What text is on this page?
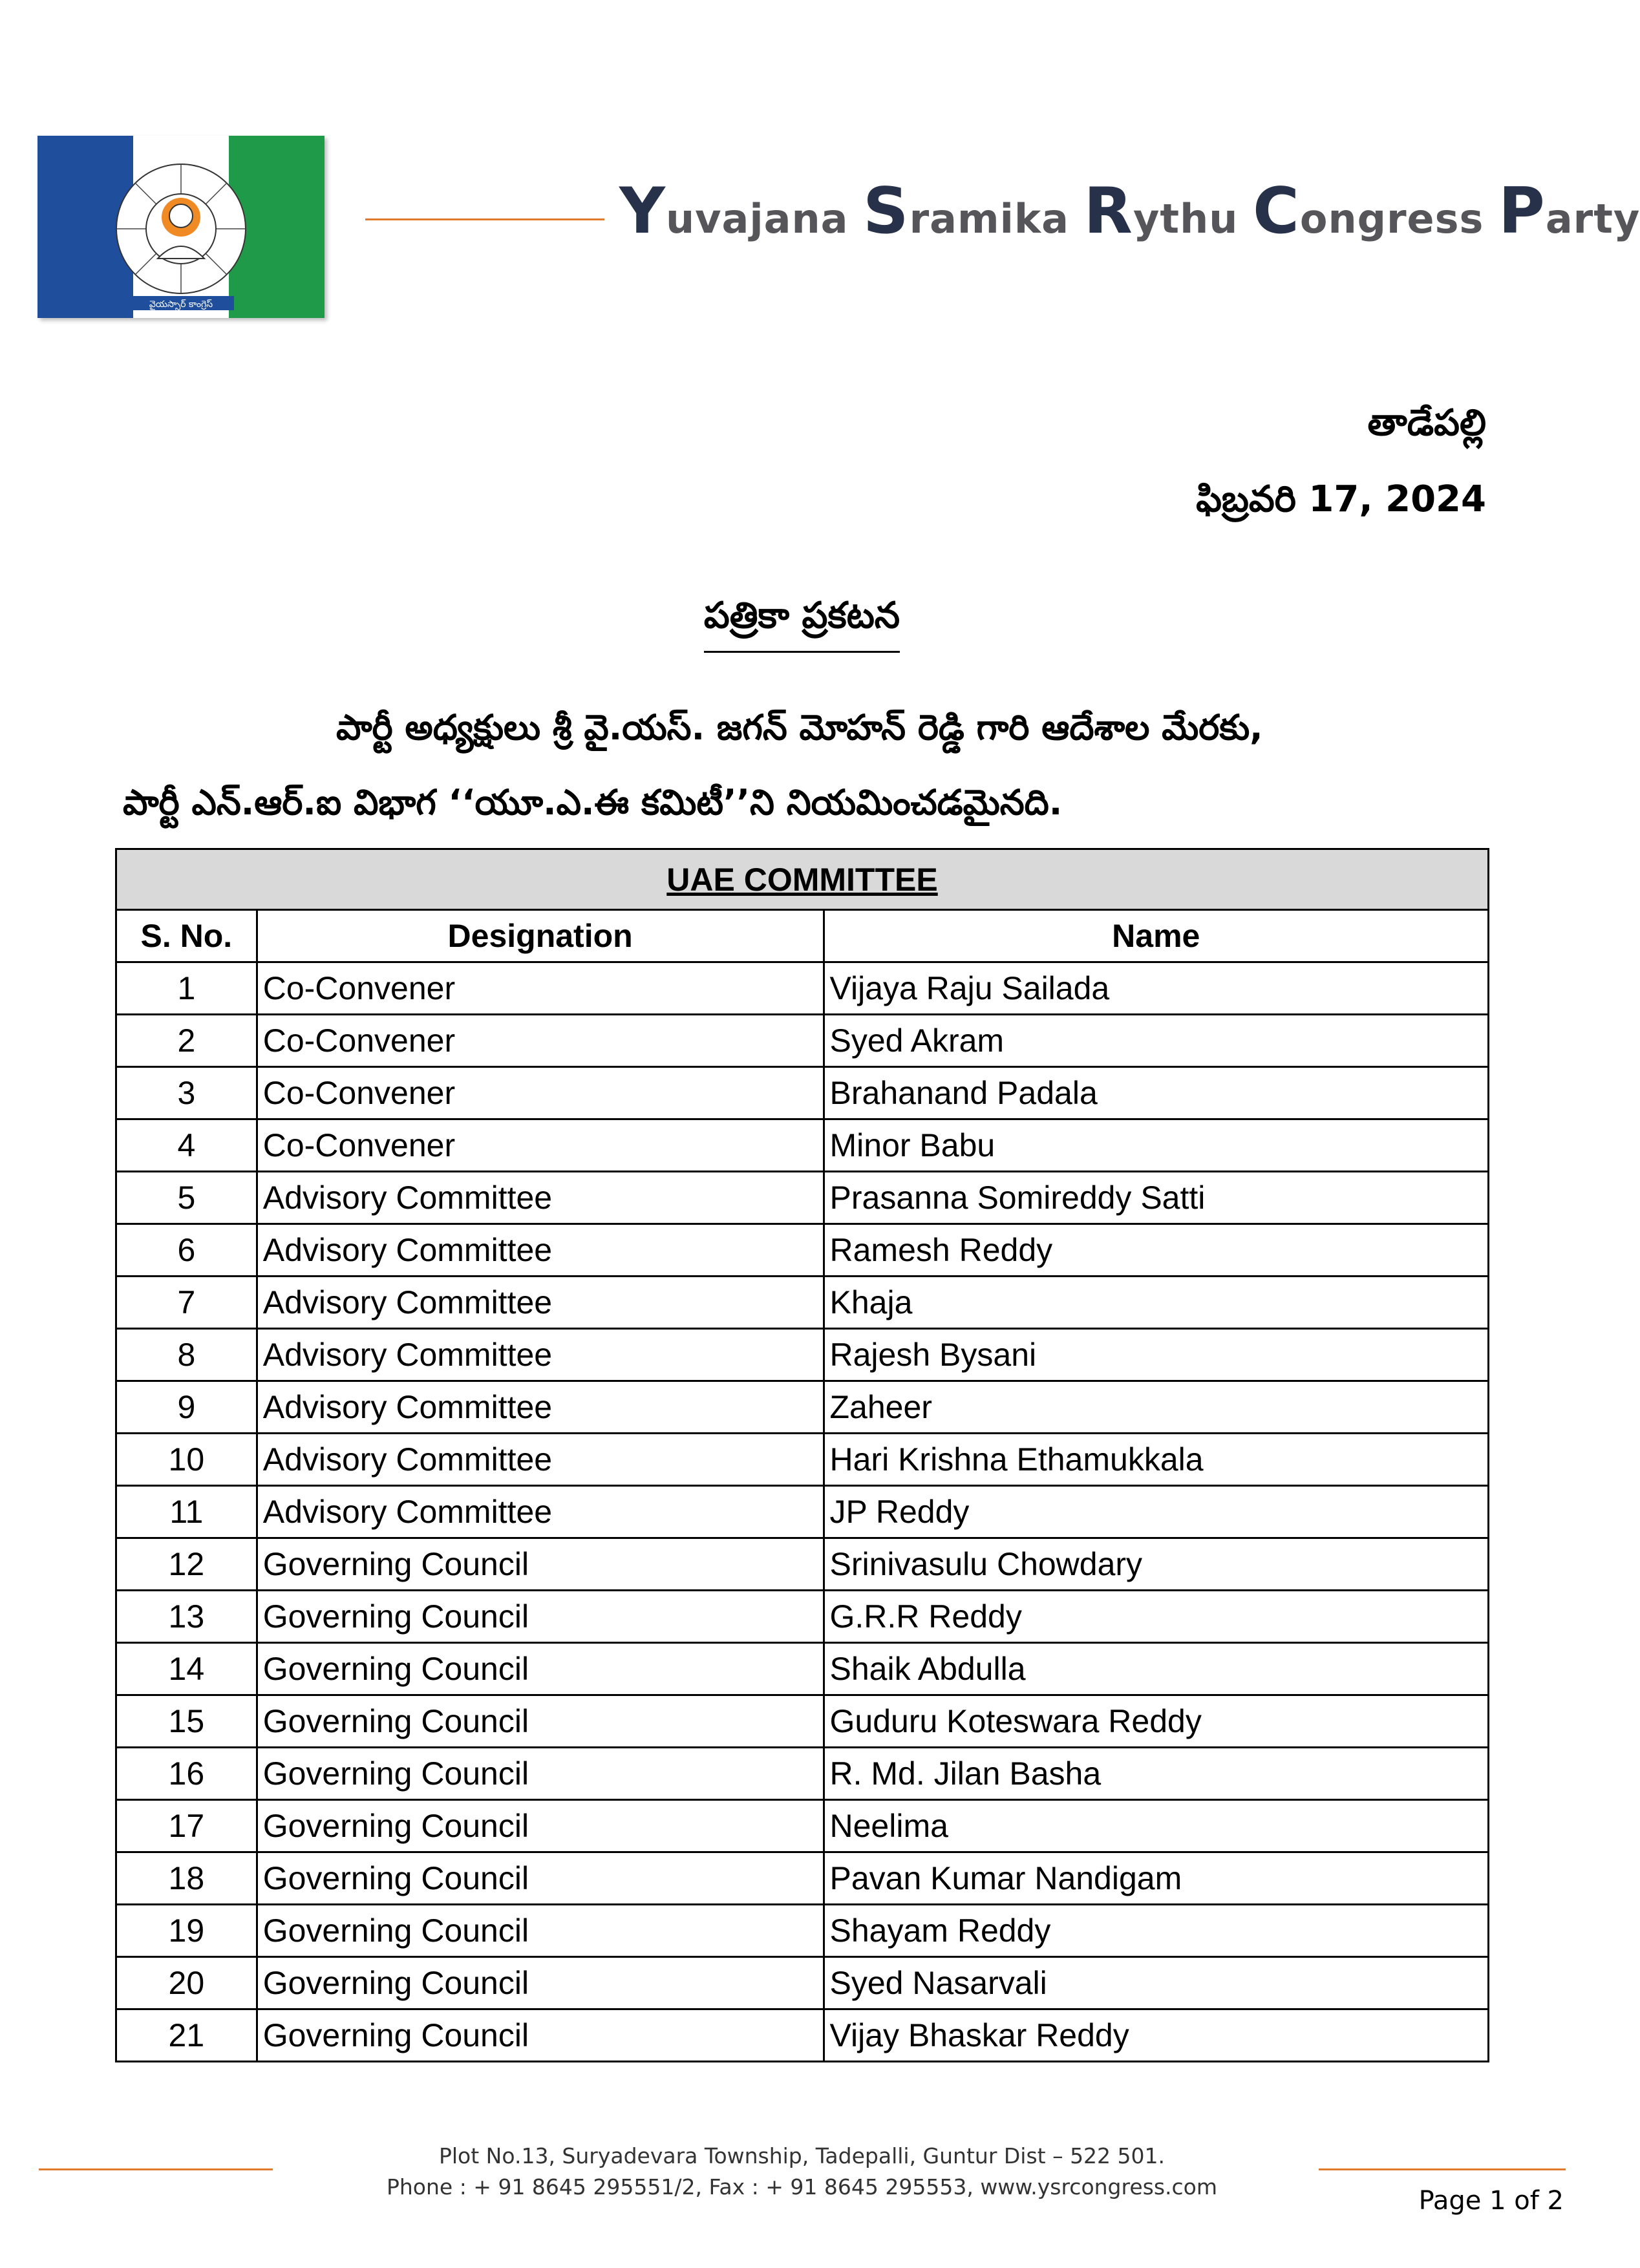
వైయస్సార్ కాంగ్రెస్
Yuvajana Sramika Rythu Congress Party
తాడేపల్లి
ఫిబ్రవరి 17, 2024
పత్రికా ప్రకటన
పార్టీ అధ్యక్షులు శ్రీ వై.యస్. జగన్ మోహన్ రెడ్డి గారి ఆదేశాల మేరకు,
పార్టీ ఎన్.ఆర్.ఐ విభాగ ‘‘యూ.ఎ.ఈ కమిటీ’’ని నియమించడమైనది.
UAE COMMITTEE		
S. No.	Designation	Name
1	Co-Convener	Vijaya Raju Sailada
2	Co-Convener	Syed Akram
3	Co-Convener	Brahanand Padala
4	Co-Convener	Minor Babu
5	Advisory Committee	Prasanna Somireddy Satti
6	Advisory Committee	Ramesh Reddy
7	Advisory Committee	Khaja
8	Advisory Committee	Rajesh Bysani
9	Advisory Committee	Zaheer
10	Advisory Committee	Hari Krishna Ethamukkala
11	Advisory Committee	JP Reddy
12	Governing Council	Srinivasulu Chowdary
13	Governing Council	G.R.R Reddy
14	Governing Council	Shaik Abdulla
15	Governing Council	Guduru Koteswara Reddy
16	Governing Council	R. Md. Jilan Basha
17	Governing Council	Neelima
18	Governing Council	Pavan Kumar Nandigam
19	Governing Council	Shayam Reddy
20	Governing Council	Syed Nasarvali
21	Governing Council	Vijay Bhaskar Reddy
Plot No.13, Suryadevara Township, Tadepalli, Guntur Dist – 522 501.
Phone : + 91 8645 295551/2, Fax : + 91 8645 295553, www.ysrcongress.com	Page 1 of 2
